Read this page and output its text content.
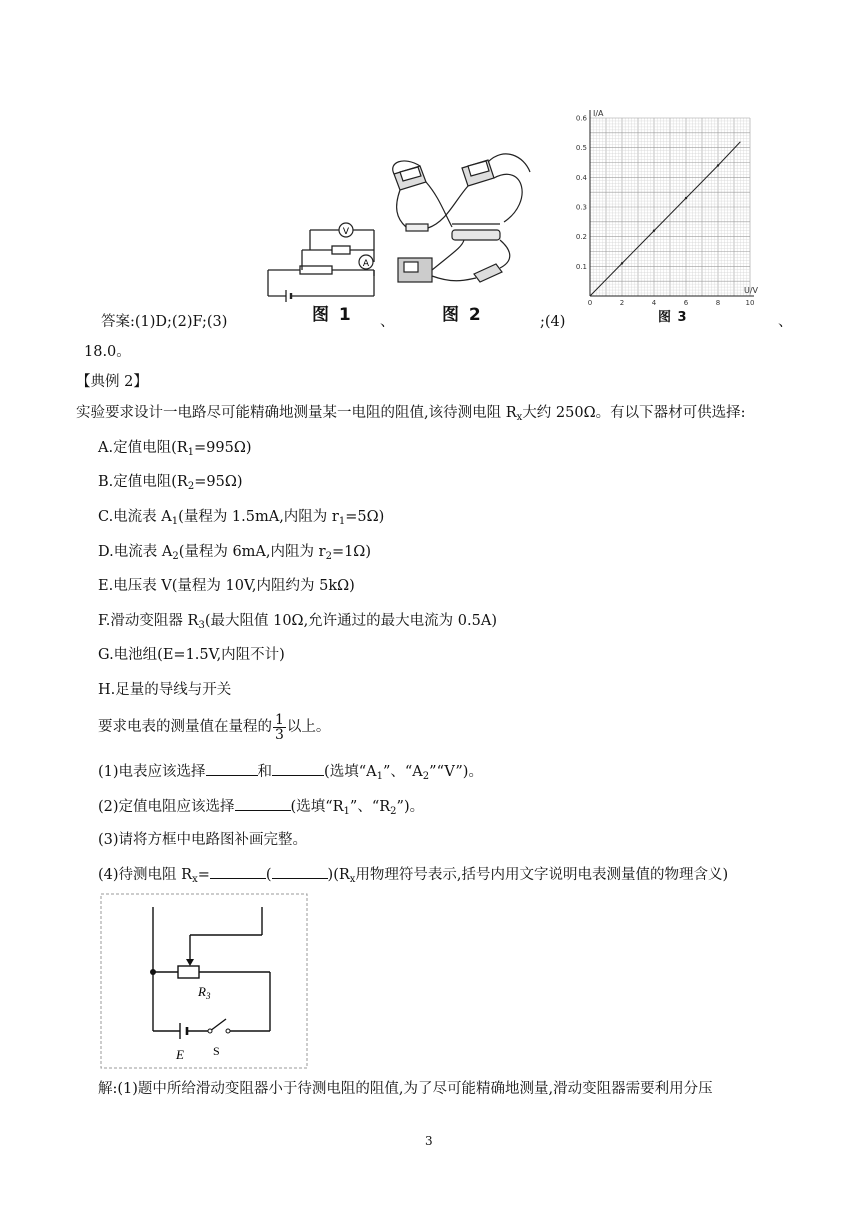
V
A
0	2	4	6	8	10
0.1
0.2
0.3
0.4
0.5
0.6
I/A
U/V
答案:(1)D;(2)F;(3)	图 1 、	图 2	;(4)	图 3	、
18.0。
【典例 2】
实验要求设计一电路尽可能精确地测量某一电阻的阻值,该待测电阻 $R_x$大约 250Ω。有以下器材可供选择:
A.定值电阻$(R_1=995\Omega)$
B.定值电阻$(R_2=95\Omega)$
C.电流表 $A_1$(量程为 1.5mA,内阻为 $r_1=5\Omega$)
D.电流表 $A_2$(量程为 6mA,内阻为 $r_2=1\Omega$)
E.电压表 V(量程为 10V,内阻约为 5kΩ)
F.滑动变阻器 $R_3$(最大阻值 10Ω,允许通过的最大电流为 0.5A)
G.电池组(E=1.5V,内阻不计)
H.足量的导线与开关
要求电表的测量值在量程的 $\frac{1}{3}$ 以上。
(1)电表应该选择	和	(选填“$A_1$”、“$A_2”“V$”)。
(2)定值电阻应该选择	(选填“$R_1$”、“$R_2$”)。
(3)请将方框中电路图补画完整。
(4)待测电阻 $R_x=$	(	)($R_x$用物理符号表示,括号内用文字说明电表测量值的物理含义)
$R_3$
E S
解:(1)题中所给滑动变阻器小于待测电阻的阻值,为了尽可能精确地测量,滑动变阻器需要利用分压
3
